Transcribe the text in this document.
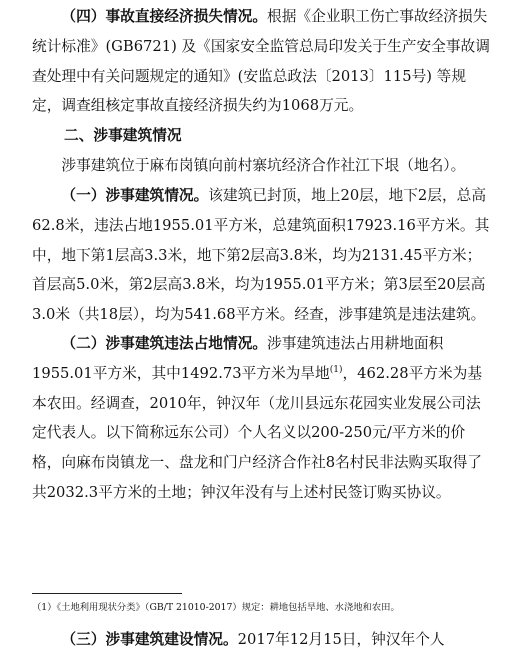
（四）事故直接经济损失情况。根据《企业职工伤亡事故经济损失统计标准》(GB6721) 及《国家安全监管总局印发关于生产安全事故调查处理中有关问题规定的通知》(安监总政法〔2013〕115号) 等规定，调查组核定事故直接经济损失约为1068万元。
二、涉事建筑情况
涉事建筑位于麻布岗镇向前村寨坑经济合作社江下垠（地名）。
（一）涉事建筑情况。该建筑已封顶，地上20层，地下2层，总高62.8米，违法占地1955.01平方米，总建筑面积17923.16平方米。其中，地下第1层高3.3米，地下第2层高3.8米，均为2131.45平方米；首层高5.0米，第2层高3.8米，均为1955.01平方米；第3层至20层高3.0米（共18层），均为541.68平方米。经查，涉事建筑是违法建筑。
（二）涉事建筑违法占地情况。涉事建筑违法占用耕地面积1955.01平方米，其中1492.73平方米为旱地$^{(1)}$，462.28平方米为基本农田。经调查，2010年，钟汉年（龙川县远东花园实业发展公司法定代表人。以下简称远东公司）个人名义以200-250元/平方米的价格，向麻布岗镇龙一、盘龙和门户经济合作社8名村民非法购买取得了共2032.3平方米的土地；钟汉年没有与上述村民签订购买协议。
（1）《土地利用现状分类》（GB/T 21010-2017）规定：耕地包括旱地、水浇地和农田。
（三）涉事建筑建设情况。2017年12月15日，钟汉年个人
